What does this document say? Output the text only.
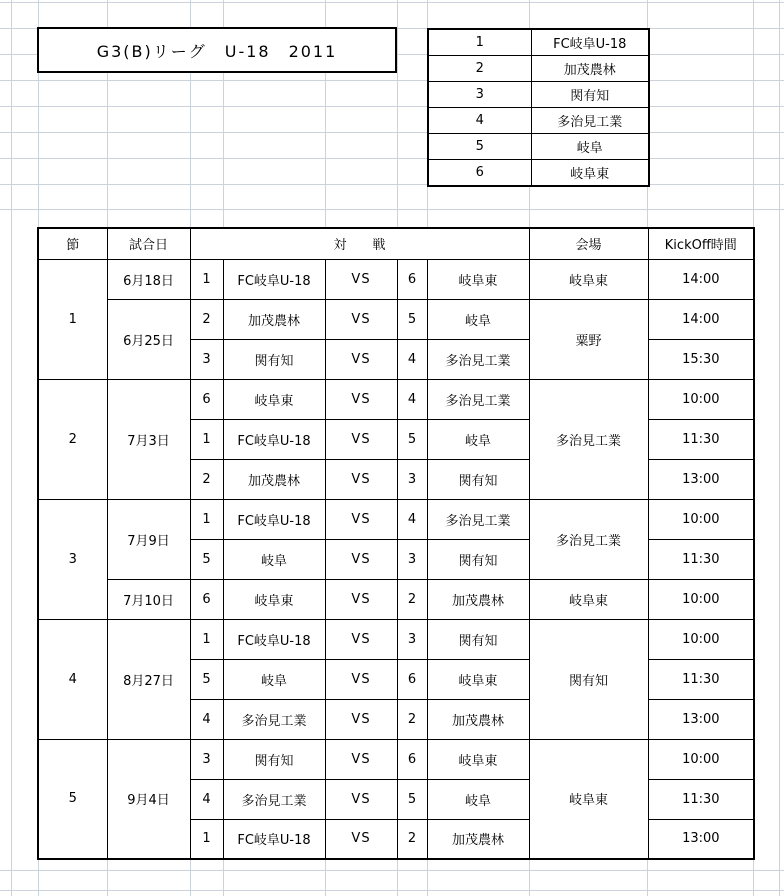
G3(B)リーグ　U-18　2011	1	FC岐阜U-18
2	加茂農林
3	関有知
4	多治見工業
5	岐阜
6	岐阜東
節	試合日	対　　戦					会場	KickOff時間
1	6月18日	1	FC岐阜U-18	VS	6	岐阜東	岐阜東	14:00
	6月25日	2	加茂農林	VS	5	岐阜	粟野	14:00
		3	関有知	VS	4	多治見工業		15:30
2	7月3日	6	岐阜東	VS	4	多治見工業	多治見工業	10:00
		1	FC岐阜U-18	VS	5	岐阜		11:30
		2	加茂農林	VS	3	関有知		13:00
3	7月9日	1	FC岐阜U-18	VS	4	多治見工業	多治見工業	10:00
		5	岐阜	VS	3	関有知		11:30
	7月10日	6	岐阜東	VS	2	加茂農林	岐阜東	10:00
4	8月27日	1	FC岐阜U-18	VS	3	関有知	関有知	10:00
		5	岐阜	VS	6	岐阜東		11:30
		4	多治見工業	VS	2	加茂農林		13:00
5	9月4日	3	関有知	VS	6	岐阜東	岐阜東	10:00
		4	多治見工業	VS	5	岐阜		11:30
		1	FC岐阜U-18	VS	2	加茂農林		13:00
